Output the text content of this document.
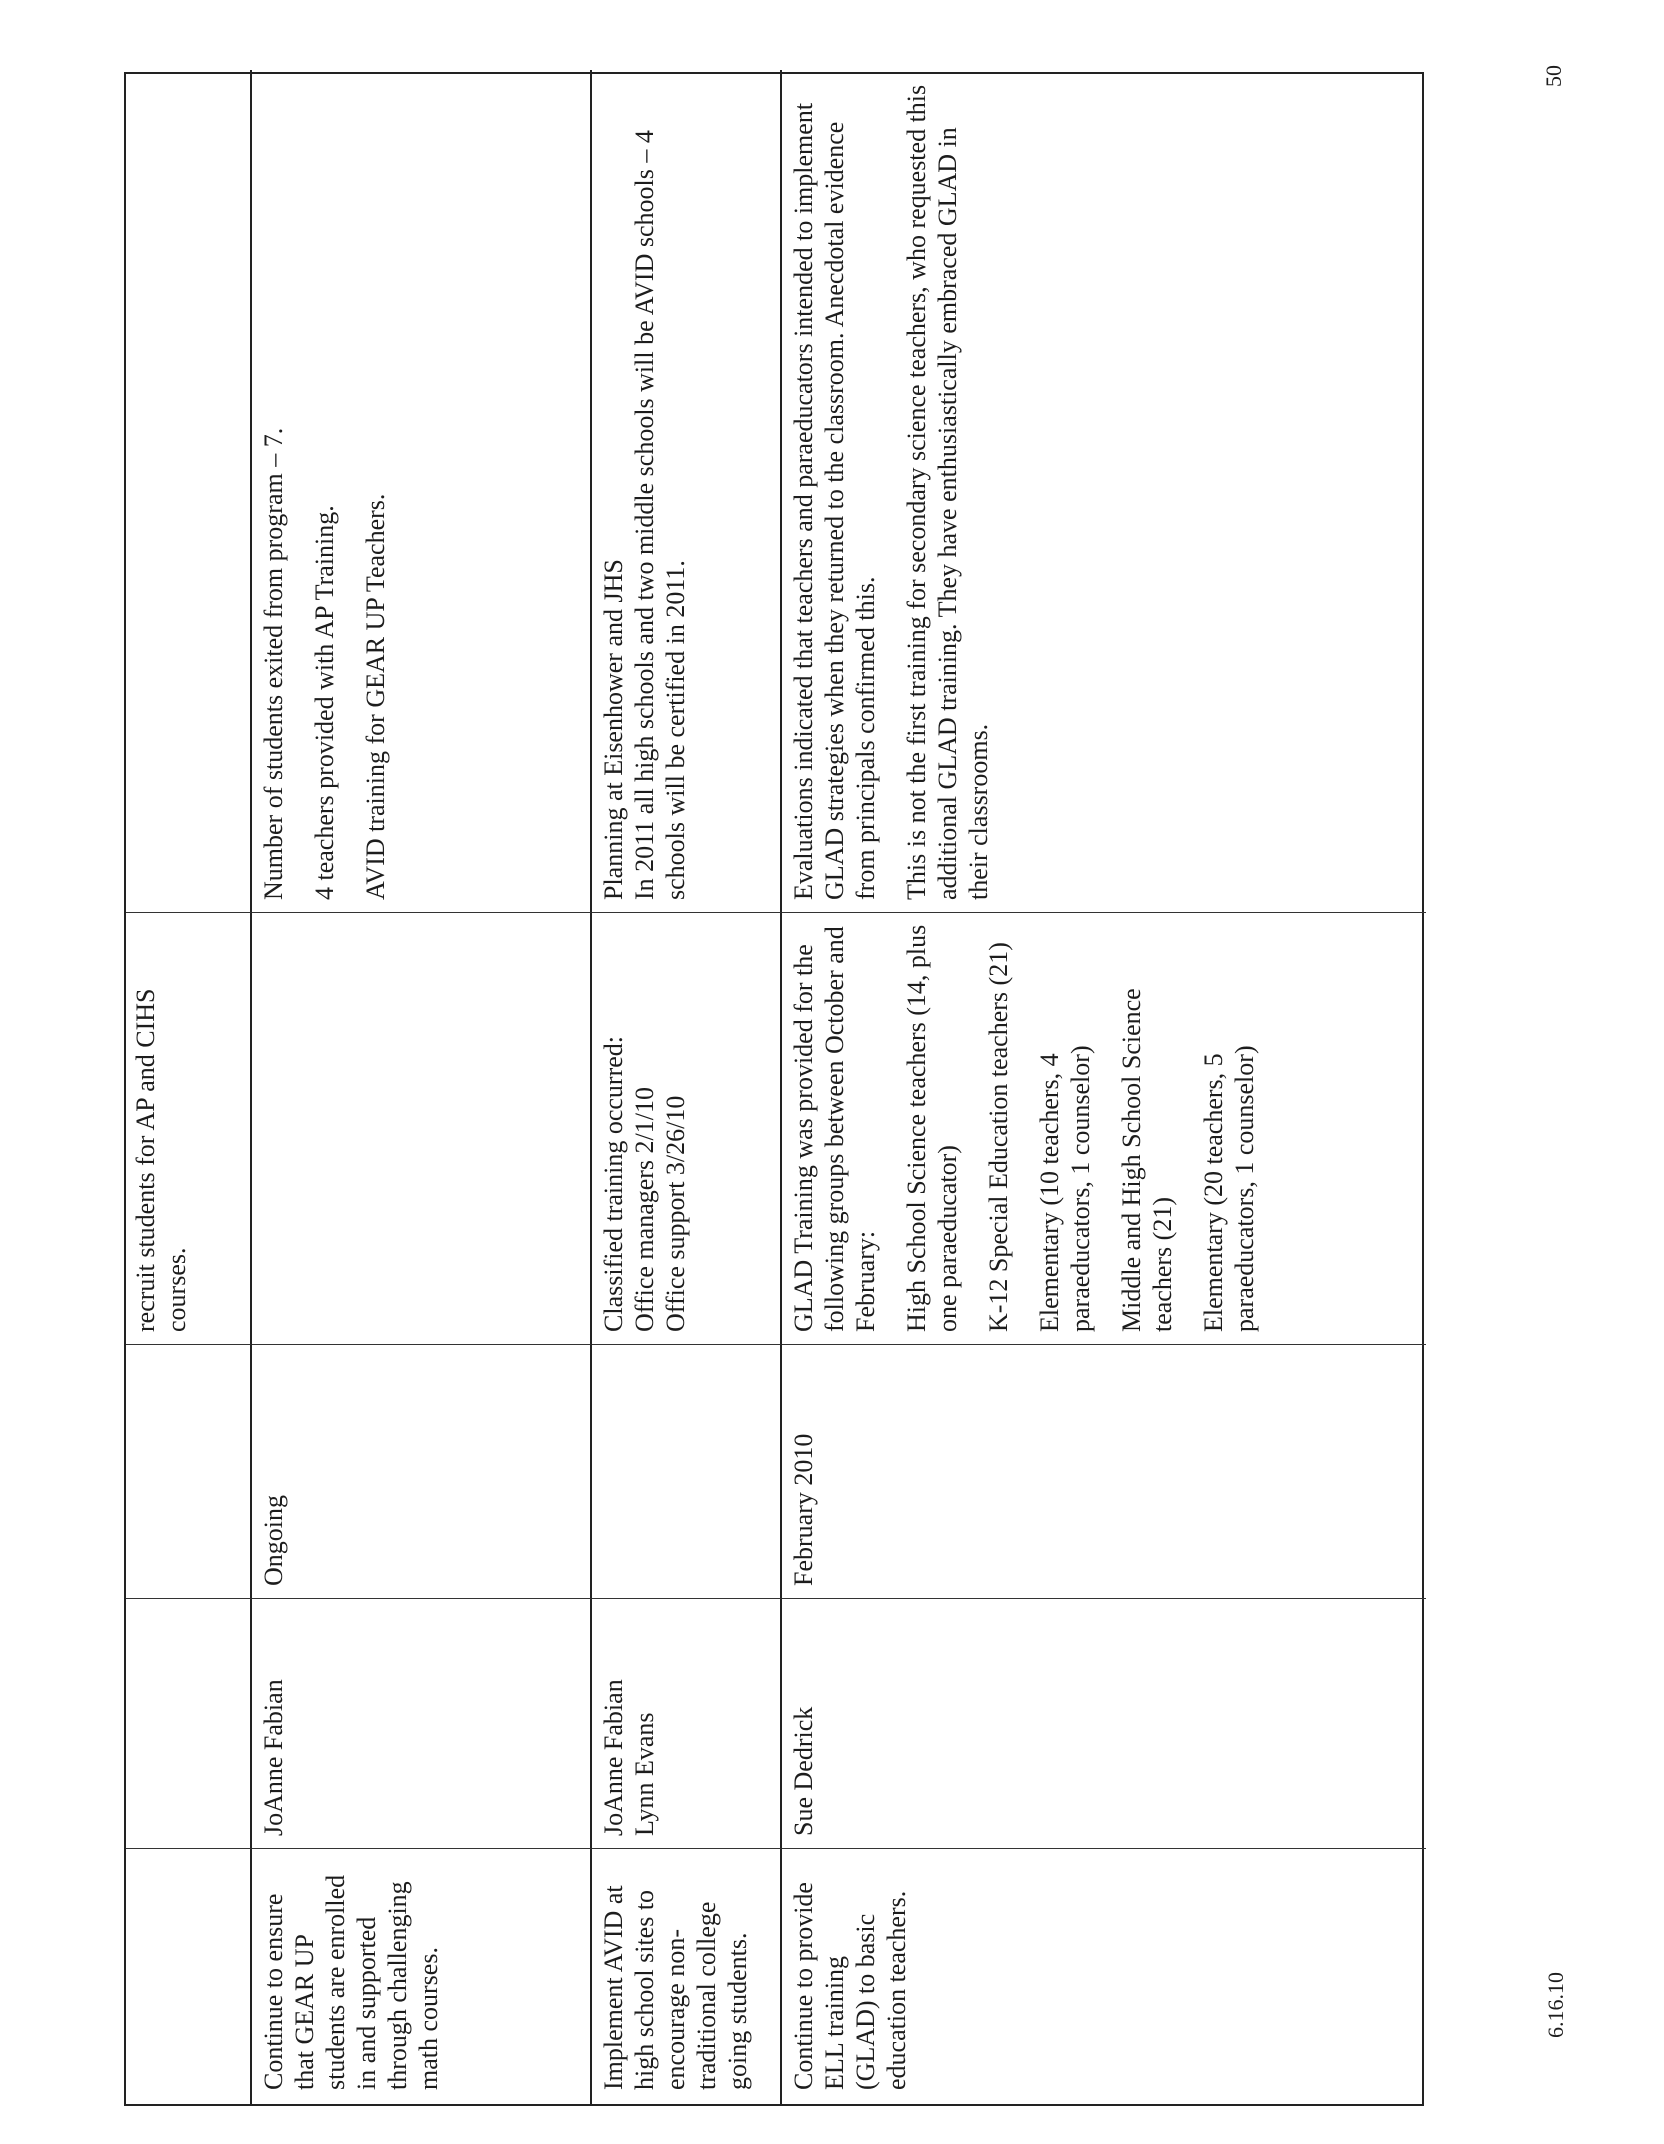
50

recruit students for AP and CIHS courses.

Continue to ensure that GEAR UP students are enrolled in and supported through challenging math courses.
JoAnne Fabian
Ongoing

Number of students exited from program – 7. 4 teachers provided with AP Training. AVID training for GEAR UP Teachers.

Implement AVID at high school sites to encourage non-traditional college going students.
JoAnne Fabian
Lynn Evans

Classified training occurred:
Office managers 2/1/10
Office support 3/26/10

Planning at Eisenhower and JHS
In 2011 all high schools and two middle schools will be AVID schools – 4 schools will be certified in 2011.

Continue to provide ELL training (GLAD) to basic education teachers.
Sue Dedrick
February 2010

GLAD Training was provided for the following groups between October and February: High School Science teachers (14, plus one paraeducator) K-12 Special Education teachers (21) Elementary (10 teachers, 4 paraeducators, 1 counselor) Middle and High School Science teachers (21) Elementary (20 teachers, 5 paraeducators, 1 counselor)

Evaluations indicated that teachers and paraeducators intended to implement GLAD strategies when they returned to the classroom. Anecdotal evidence from principals confirmed this. This is not the first training for secondary science teachers, who requested this additional GLAD training. They have enthusiastically embraced GLAD in their classrooms.

6.16.10
